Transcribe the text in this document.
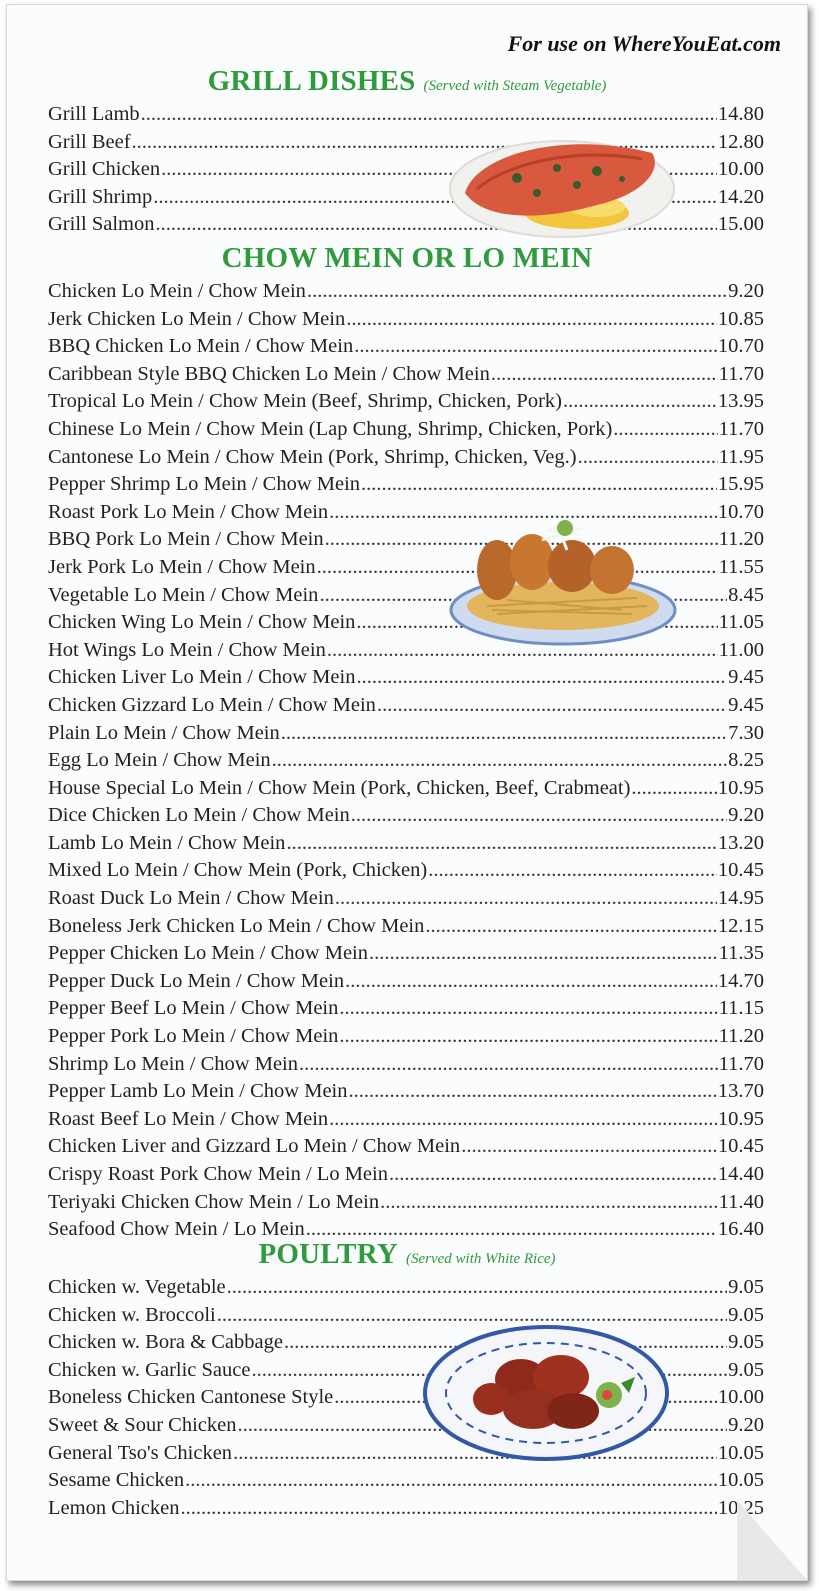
For use on WhereYouEat.com
GRILL DISHES (Served with Steam Vegetable)
Grill Lamb .....	14.80
Grill Beef .....	12.80
Grill Chicken .....	10.00
Grill Shrimp .....	14.20
Grill Salmon .....	15.00
CHOW MEIN OR LO MEIN
Chicken Lo Mein / Chow Mein .....	9.20
Jerk Chicken Lo Mein / Chow Mein .....	10.85
BBQ Chicken Lo Mein / Chow Mein .....	10.70
Caribbean Style BBQ Chicken Lo Mein / Chow Mein .....	11.70
Tropical Lo Mein / Chow Mein (Beef, Shrimp, Chicken, Pork) .....	13.95
Chinese Lo Mein / Chow Mein (Lap Chung, Shrimp, Chicken, Pork) .....	11.70
Cantonese Lo Mein / Chow Mein (Pork, Shrimp, Chicken, Veg.) .....	11.95
Pepper Shrimp Lo Mein / Chow Mein .....	15.95
Roast Pork Lo Mein / Chow Mein .....	10.70
BBQ Pork Lo Mein / Chow Mein .....	11.20
Jerk Pork Lo Mein / Chow Mein .....	11.55
Vegetable Lo Mein / Chow Mein .....	8.45
Chicken Wing Lo Mein / Chow Mein .....	11.05
Hot Wings Lo Mein / Chow Mein .....	11.00
Chicken Liver Lo Mein / Chow Mein .....	9.45
Chicken Gizzard Lo Mein / Chow Mein .....	9.45
Plain Lo Mein / Chow Mein .....	7.30
Egg Lo Mein / Chow Mein .....	8.25
House Special Lo Mein / Chow Mein (Pork, Chicken, Beef, Crabmeat) .....	10.95
Dice Chicken Lo Mein / Chow Mein .....	9.20
Lamb Lo Mein / Chow Mein .....	13.20
Mixed Lo Mein / Chow Mein (Pork, Chicken) .....	10.45
Roast Duck Lo Mein / Chow Mein .....	14.95
Boneless Jerk Chicken Lo Mein / Chow Mein .....	12.15
Pepper Chicken Lo Mein / Chow Mein .....	11.35
Pepper Duck Lo Mein / Chow Mein .....	14.70
Pepper Beef Lo Mein / Chow Mein .....	11.15
Pepper Pork Lo Mein / Chow Mein .....	11.20
Shrimp Lo Mein / Chow Mein .....	11.70
Pepper Lamb Lo Mein / Chow Mein .....	13.70
Roast Beef Lo Mein / Chow Mein .....	10.95
Chicken Liver and Gizzard Lo Mein / Chow Mein .....	10.45
Crispy Roast Pork Chow Mein / Lo Mein .....	14.40
Teriyaki Chicken Chow Mein / Lo Mein .....	11.40
Seafood Chow Mein / Lo Mein .....	16.40
POULTRY (Served with White Rice)
Chicken w. Vegetable .....	9.05
Chicken w. Broccoli .....	9.05
Chicken w. Bora & Cabbage .....	9.05
Chicken w. Garlic Sauce .....	9.05
Boneless Chicken Cantonese Style .....	10.00
Sweet & Sour Chicken .....	9.20
General Tso's Chicken .....	10.05
Sesame Chicken .....	10.05
Lemon Chicken .....	10.25
